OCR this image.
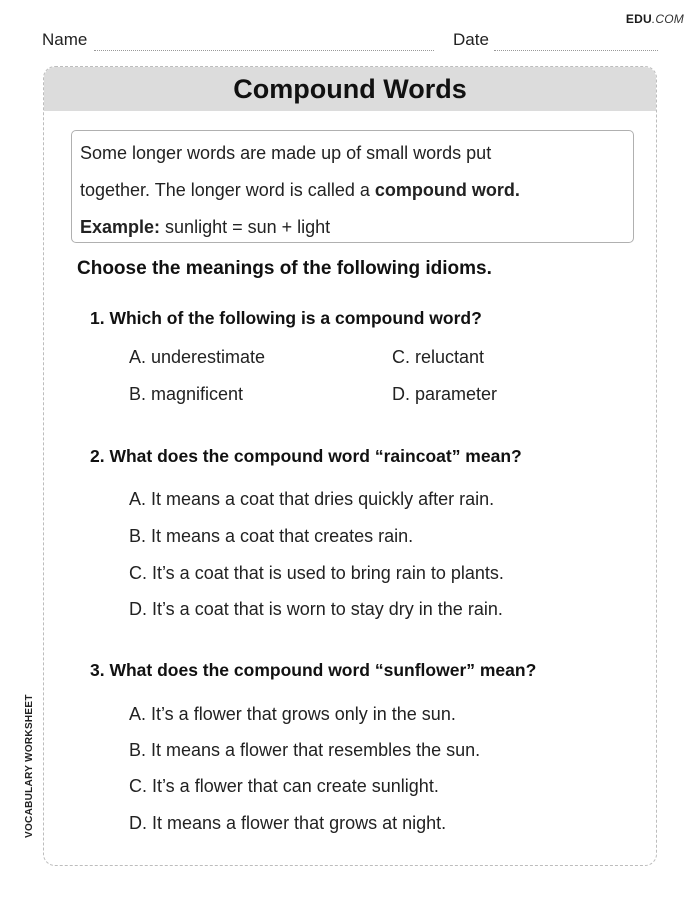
EDU.COM
Name	Date
VOCABULARY WORKSHEET
Compound Words

Some longer words are made up of small words put

together. The longer word is called a compound word.

Example: sunlight = sun + light

Choose the meanings of the following idioms.
1. Which of the following is a compound word?
A. underestimate	C. reluctant
B. magnificent	D. parameter
2. What does the compound word “raincoat” mean?
A. It means a coat that dries quickly after rain.
B. It means a coat that creates rain.
C. It’s a coat that is used to bring rain to plants.
D. It’s a coat that is worn to stay dry in the rain.
3. What does the compound word “sunflower” mean?
A. It’s a flower that grows only in the sun.
B. It means a flower that resembles the sun.
C. It’s a flower that can create sunlight.
D. It means a flower that grows at night.
